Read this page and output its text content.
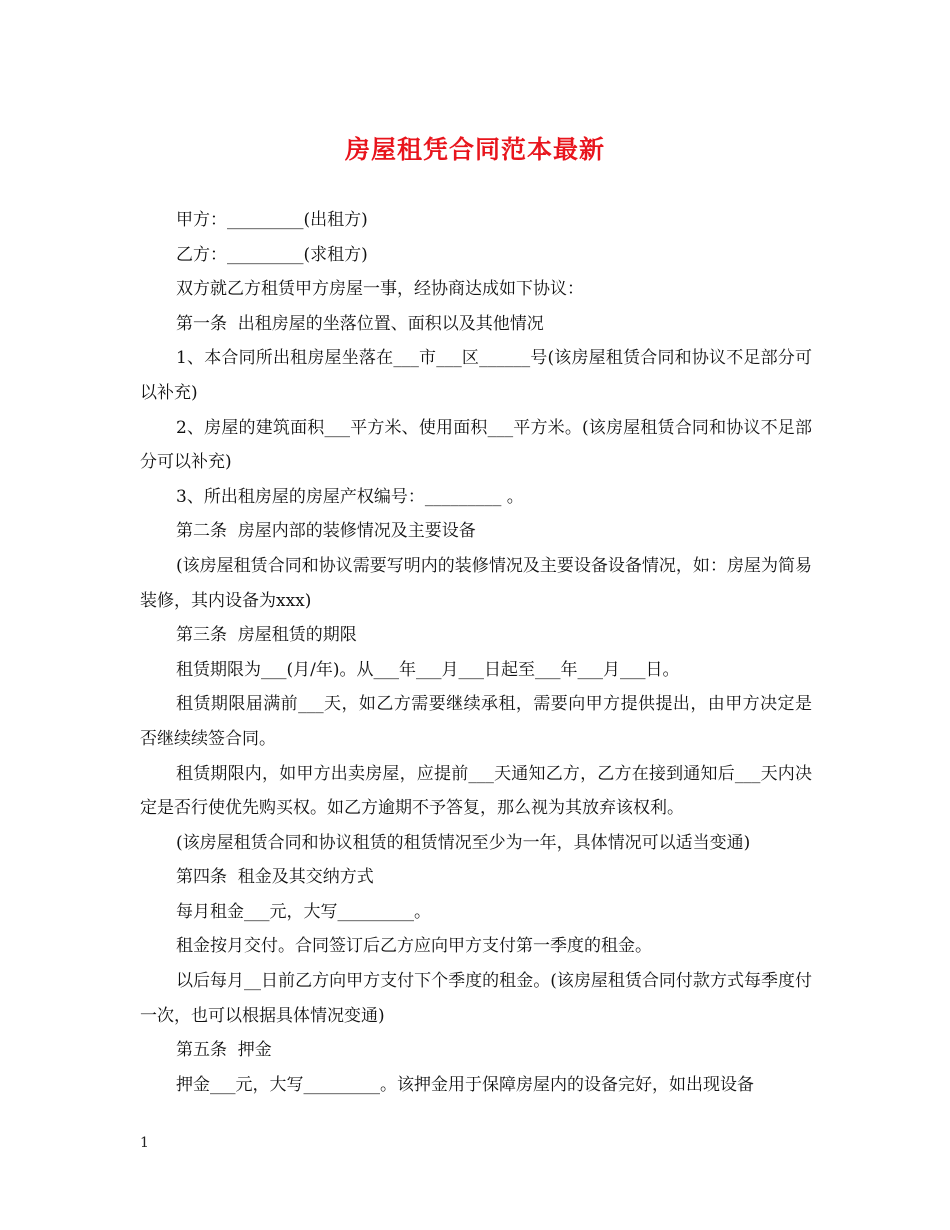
房屋租凭合同范本最新

甲方：_________(出租方)

乙方：_________(求租方)

双方就乙方租赁甲方房屋一事，经协商达成如下协议：

第一条  出租房屋的坐落位置、面积以及其他情况

1、本合同所出租房屋坐落在___市___区______号(该房屋租赁合同和协议不足部分可以补充)

2、房屋的建筑面积___平方米、使用面积___平方米。(该房屋租赁合同和协议不足部分可以补充)

3、所出租房屋的房屋产权编号：_________ 。

第二条  房屋内部的装修情况及主要设备

(该房屋租赁合同和协议需要写明内的装修情况及主要设备设备情况，如：房屋为简易装修，其内设备为xxx)

第三条  房屋租赁的期限

租赁期限为___(月/年)。从___年___月___日起至___年___月___日。

租赁期限届满前___天，如乙方需要继续承租，需要向甲方提供提出，由甲方决定是否继续续签合同。

租赁期限内，如甲方出卖房屋，应提前___天通知乙方，乙方在接到通知后___天内决定是否行使优先购买权。如乙方逾期不予答复，那么视为其放弃该权利。

(该房屋租赁合同和协议租赁的租赁情况至少为一年，具体情况可以适当变通)

第四条  租金及其交纳方式

每月租金___元，大写_________。

租金按月交付。合同签订后乙方应向甲方支付第一季度的租金。

以后每月__日前乙方向甲方支付下个季度的租金。(该房屋租赁合同付款方式每季度付一次，也可以根据具体情况变通)

第五条  押金

押金___元，大写_________。该押金用于保障房屋内的设备完好，如出现设备

1
